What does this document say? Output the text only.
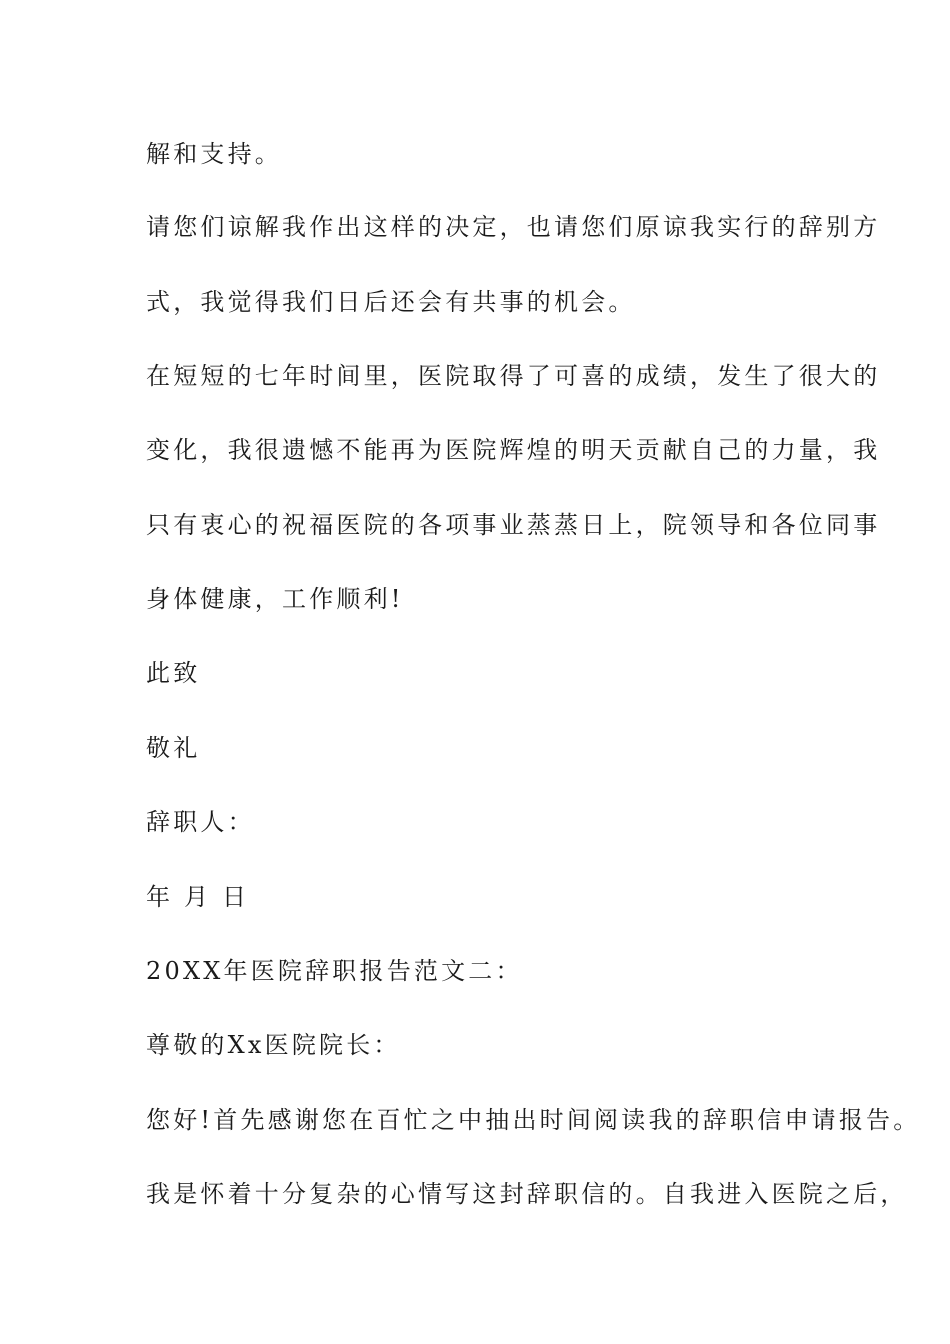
解和支持。
请您们谅解我作出这样的决定，也请您们原谅我实行的辞别方
式，我觉得我们日后还会有共事的机会。
在短短的七年时间里，医院取得了可喜的成绩，发生了很大的
变化，我很遗憾不能再为医院辉煌的明天贡献自己的力量，我
只有衷心的祝福医院的各项事业蒸蒸日上，院领导和各位同事
身体健康，工作顺利!
此致
敬礼
辞职人：
年 月 日
20XX年医院辞职报告范文二：
尊敬的Xx医院院长：
您好!首先感谢您在百忙之中抽出时间阅读我的辞职信申请报告。
我是怀着十分复杂的心情写这封辞职信的。自我进入医院之后，
